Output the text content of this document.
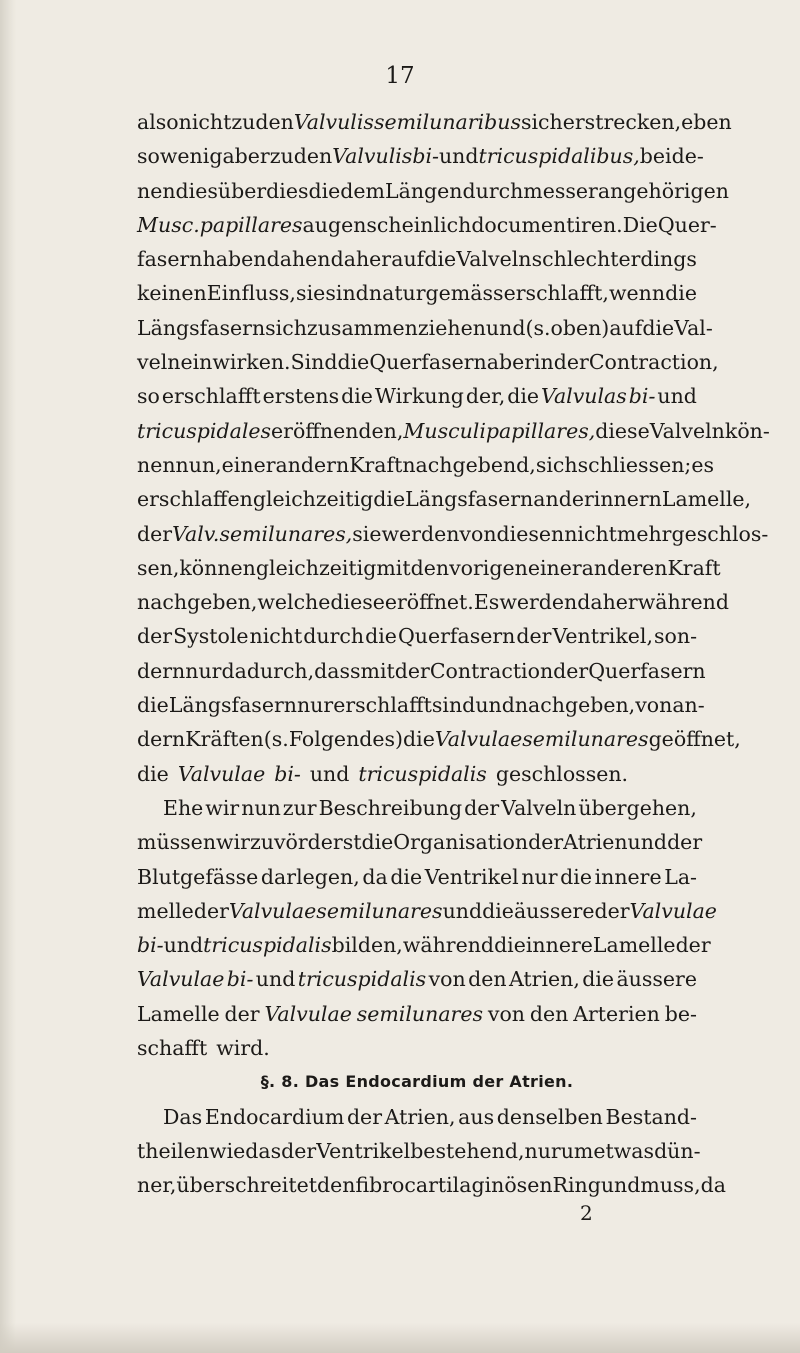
17
also nicht zu den Valvulis semilunaribus sich erstrecken, eben
so wenig aber zu den Valvulis bi- und tricuspidalibus, bei de-
nen dies überdies die dem Längendurchmesser angehörigen
Musc. papillares augenscheinlich documentiren. Die Quer-
fasern haben dahen daher auf die Valveln schlechterdings
keinen Einfluss, sie sind naturgemäss erschlafft, wenn die
Längsfasern sich zusammenziehen und (s. oben) auf die Val-
veln einwirken. Sind die Querfasern aber in der Contraction,
so erschlafft erstens die Wirkung der, die Valvulas bi- und
tricuspidales eröffnenden, Musculi papillares, diese Valveln kön-
nen nun, einer andern Kraft nachgebend, sich schliessen; es
erschlaffen gleichzeitig die Längsfasern an der innern Lamelle,
der Valv. semilunares, sie werden von diesen nicht mehr geschlos-
sen, können gleichzeitig mit den vorigen einer anderen Kraft
nachgeben, welche diese eröffnet. Es werden daher während
der Systole nicht durch die Querfasern der Ventrikel, son-
dern nur dadurch, dass mit der Contraction der Querfasern
die Längsfasern nur erschlafft sind und nachgeben, von an-
dern Kräften (s. Folgendes) die Valvulae semilunares geöffnet,
die Valvulae bi- und tricuspidalis geschlossen.
Ehe wir nun zur Beschreibung der Valveln übergehen,
müssen wir zuvörderst die Organisation der Atrien und der
Blutgefässe darlegen, da die Ventrikel nur die innere La-
melle der Valvulae semilunares und die äussere der Valvulae
bi- und tricuspidalis bilden, während die innere Lamelle der
Valvulae bi- und tricuspidalis von den Atrien, die äussere
Lamelle der Valvulae semilunares von den Arterien be-
schafft wird.
§. 8. Das Endocardium der Atrien.
Das Endocardium der Atrien, aus denselben Bestand-
theilen wie das der Ventrikel bestehend, nur um etwas dün-
ner, überschreitet den fibrocartilaginösen Ring und muss, da
2
